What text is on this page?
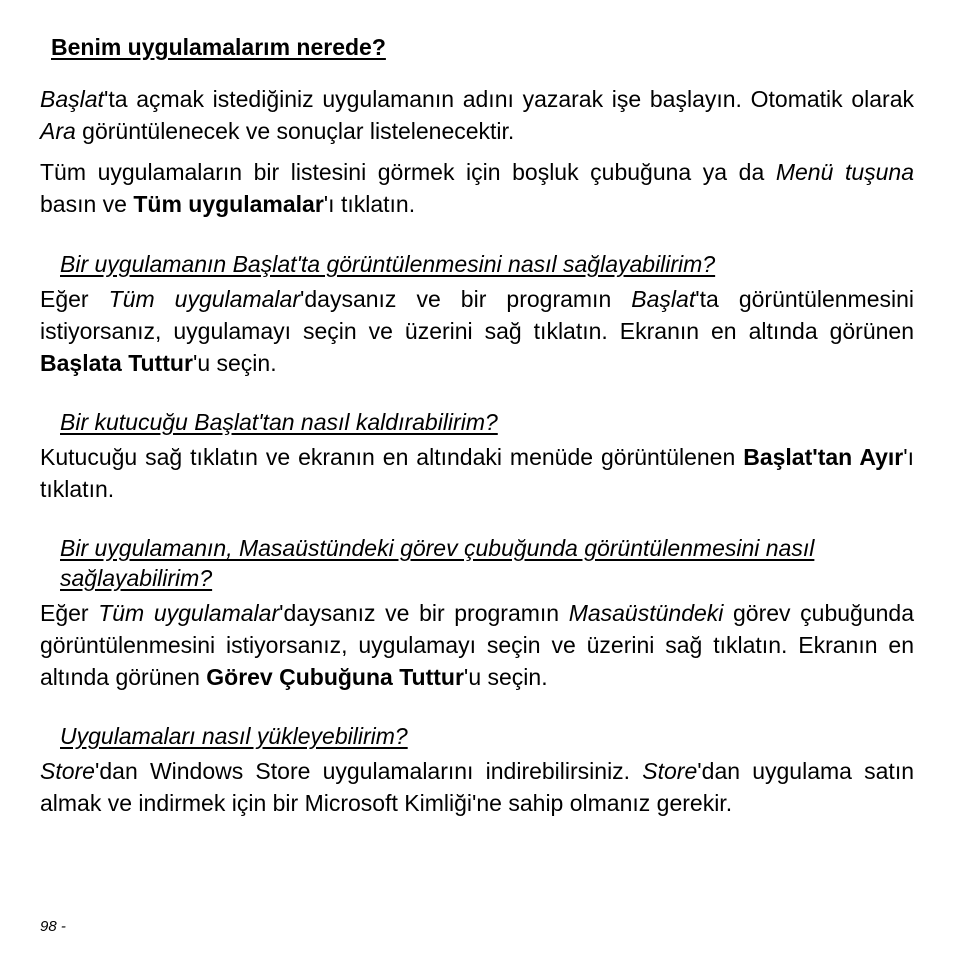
Benim uygulamalarım nerede?

Başlat'ta açmak istediğiniz uygulamanın adını yazarak işe başlayın. Otomatik olarak Ara görüntülenecek ve sonuçlar listelenecektir.

Tüm uygulamaların bir listesini görmek için boşluk çubuğuna ya da Menü tuşuna basın ve Tüm uygulamalar'ı tıklatın.

Bir uygulamanın Başlat'ta görüntülenmesini nasıl sağlayabilirim?

Eğer Tüm uygulamalar'daysanız ve bir programın Başlat'ta görüntülenmesini istiyorsanız, uygulamayı seçin ve üzerini sağ tıklatın. Ekranın en altında görünen Başlata Tuttur'u seçin.

Bir kutucuğu Başlat'tan nasıl kaldırabilirim?

Kutucuğu sağ tıklatın ve ekranın en altındaki menüde görüntülenen Başlat'tan Ayır'ı tıklatın.

Bir uygulamanın, Masaüstündeki görev çubuğunda görüntülenmesini nasıl sağlayabilirim?

Eğer Tüm uygulamalar'daysanız ve bir programın Masaüstündeki görev çubuğunda görüntülenmesini istiyorsanız, uygulamayı seçin ve üzerini sağ tıklatın. Ekranın en altında görünen Görev Çubuğuna Tuttur'u seçin.

Uygulamaları nasıl yükleyebilirim?

Store'dan Windows Store uygulamalarını indirebilirsiniz. Store'dan uygulama satın almak ve indirmek için bir Microsoft Kimliği'ne sahip olmanız gerekir.

98 -
